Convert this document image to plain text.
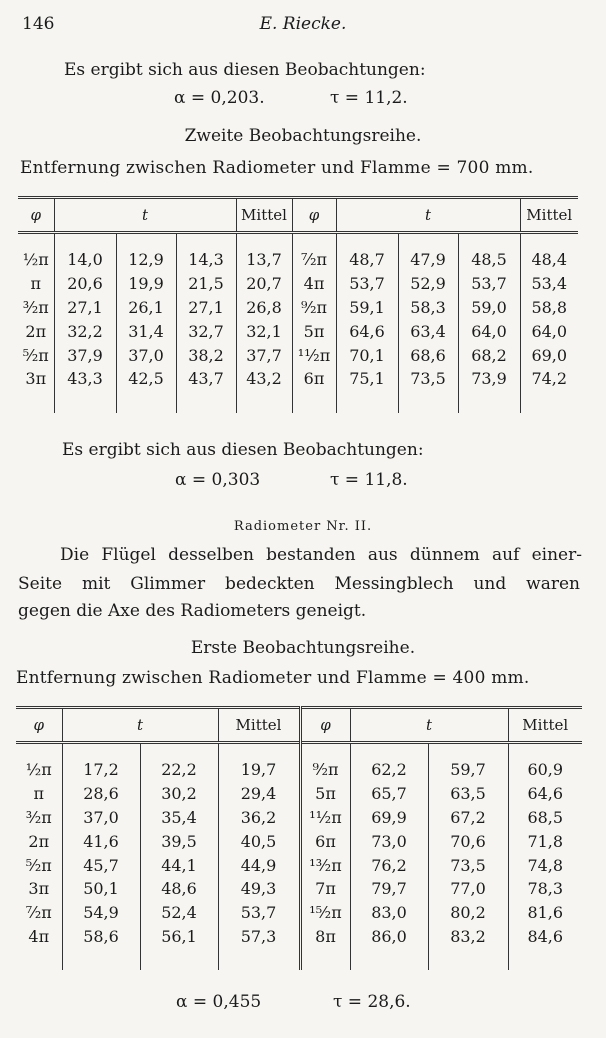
146	E. Riecke.
Es ergibt sich aus diesen Beobachtungen:
α = 0,203.	τ = 11,2.
Zweite Beobachtungsreihe.
Entfernung zwischen Radiometer und Flamme = 700 mm.
φ	t			Mittel	φ	t			Mittel

½π	14,0	12,9	14,3	13,7	⁷⁄₂π	48,7	47,9	48,5	48,4
π	20,6	19,9	21,5	20,7	4π	53,7	52,9	53,7	53,4
³⁄₂π	27,1	26,1	27,1	26,8	⁹⁄₂π	59,1	58,3	59,0	58,8
2π	32,2	31,4	32,7	32,1	5π	64,6	63,4	64,0	64,0
⁵⁄₂π	37,9	37,0	38,2	37,7	¹¹⁄₂π	70,1	68,6	68,2	69,0
3π	43,3	42,5	43,7	43,2	6π	75,1	73,5	73,9	74,2

Es ergibt sich aus diesen Beobachtungen:
α = 0,303	τ = 11,8.
Radiometer Nr. II.
Die Flügel desselben bestanden aus dünnem auf einer-
Seite mit Glimmer bedeckten Messingblech und waren
gegen die Axe des Radiometers geneigt.
Erste Beobachtungsreihe.
Entfernung zwischen Radiometer und Flamme = 400 mm.
φ	t		Mittel	φ	t		Mittel

½π	17,2	22,2	19,7	⁹⁄₂π	62,2	59,7	60,9
π	28,6	30,2	29,4	5π	65,7	63,5	64,6
³⁄₂π	37,0	35,4	36,2	¹¹⁄₂π	69,9	67,2	68,5
2π	41,6	39,5	40,5	6π	73,0	70,6	71,8
⁵⁄₂π	45,7	44,1	44,9	¹³⁄₂π	76,2	73,5	74,8
3π	50,1	48,6	49,3	7π	79,7	77,0	78,3
⁷⁄₂π	54,9	52,4	53,7	¹⁵⁄₂π	83,0	80,2	81,6
4π	58,6	56,1	57,3	8π	86,0	83,2	84,6

α = 0,455	τ = 28,6.
